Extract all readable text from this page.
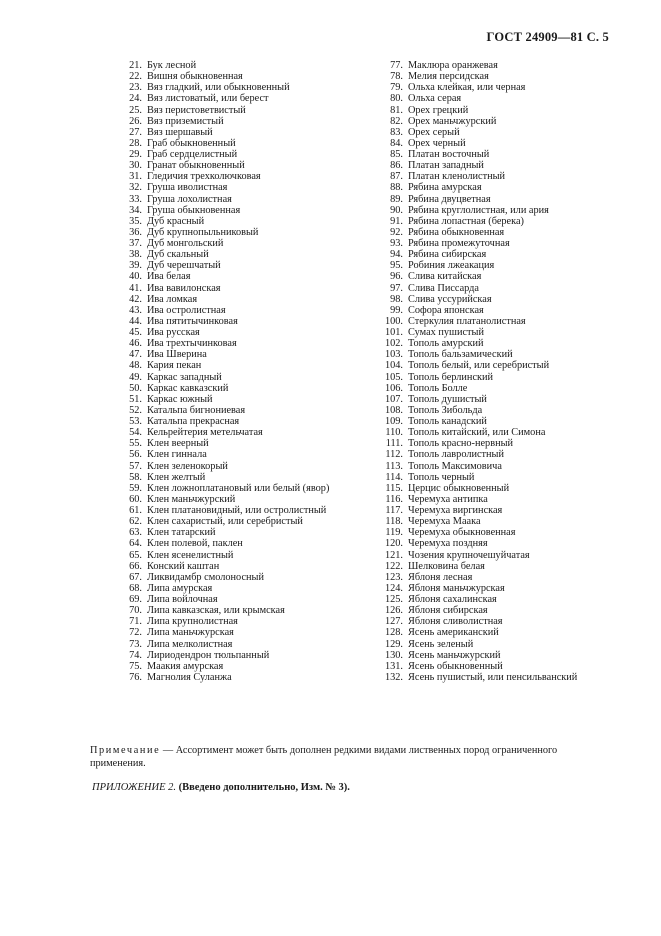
ГОСТ 24909—81 С. 5
21. Бук лесной
22. Вишня обыкновенная
23. Вяз гладкий, или обыкновенный
24. Вяз листоватый, или берест
25. Вяз перистоветвистый
26. Вяз приземистый
27. Вяз шершавый
28. Граб обыкновенный
29. Граб сердцелистный
30. Гранат обыкновенный
31. Гледичия трехколючковая
32. Груша иволистная
33. Груша лохолистная
34. Груша обыкновенная
35. Дуб красный
36. Дуб крупнопыльниковый
37. Дуб монгольский
38. Дуб скальный
39. Дуб черешчатый
40. Ива белая
41. Ива вавилонская
42. Ива ломкая
43. Ива остролистная
44. Ива пятитычинковая
45. Ива русская
46. Ива трехтычинковая
47. Ива Шверина
48. Кария пекан
49. Каркас западный
50. Каркас кавказский
51. Каркас южный
52. Катальпа бигнониевая
53. Катальпа прекрасная
54. Кельрейтерия метельчатая
55. Клен веерный
56. Клен гиннала
57. Клен зеленокорый
58. Клен желтый
59. Клен ложноплатановый или белый (явор)
60. Клен маньчжурский
61. Клен платановидный, или остролистный
62. Клен сахаристый, или серебристый
63. Клен татарский
64. Клен полевой, паклен
65. Клен ясенелистный
66. Конский каштан
67. Ликвидамбр смолоносный
68. Липа амурская
69. Липа войлочная
70. Липа кавказская, или крымская
71. Липа крупнолистная
72. Липа маньчжурская
73. Липа мелколистная
74. Лириодендрон тюльпанный
75. Маакия амурская
76. Магнолия Суланжа
77. Маклюра оранжевая
78. Мелия персидская
79. Ольха клейкая, или черная
80. Ольха серая
81. Орех грецкий
82. Орех маньчжурский
83. Орех серый
84. Орех черный
85. Платан восточный
86. Платан западный
87. Платан кленолистный
88. Рябина амурская
89. Рябина двуцветная
90. Рябина круглолистная, или ария
91. Рябина лопастная (берека)
92. Рябина обыкновенная
93. Рябина промежуточная
94. Рябина сибирская
95. Робиния лжеакация
96. Слива китайская
97. Слива Писсарда
98. Слива уссурийская
99. Софора японская
100. Стеркулия платанолистная
101. Сумах пушистый
102. Тополь амурский
103. Тополь бальзамический
104. Тополь белый, или серебристый
105. Тополь берлинский
106. Тополь Болле
107. Тополь душистый
108. Тополь Зибольда
109. Тополь канадский
110. Тополь китайский, или Симона
111. Тополь красно-нервный
112. Тополь лавролистный
113. Тополь Максимовича
114. Тополь черный
115. Церцис обыкновенный
116. Черемуха антипка
117. Черемуха виргинская
118. Черемуха Маака
119. Черемуха обыкновенная
120. Черемуха поздняя
121. Чозения крупночешуйчатая
122. Шелковина белая
123. Яблоня лесная
124. Яблоня маньчжурская
125. Яблоня сахалинская
126. Яблоня сибирская
127. Яблоня сливолистная
128. Ясень американский
129. Ясень зеленый
130. Ясень маньчжурский
131. Ясень обыкновенный
132. Ясень пушистый, или пенсильванский
Примечание — Ассортимент может быть дополнен редкими видами лиственных пород ограниченного применения.
ПРИЛОЖЕНИЕ 2. (Введено дополнительно, Изм. № 3).
